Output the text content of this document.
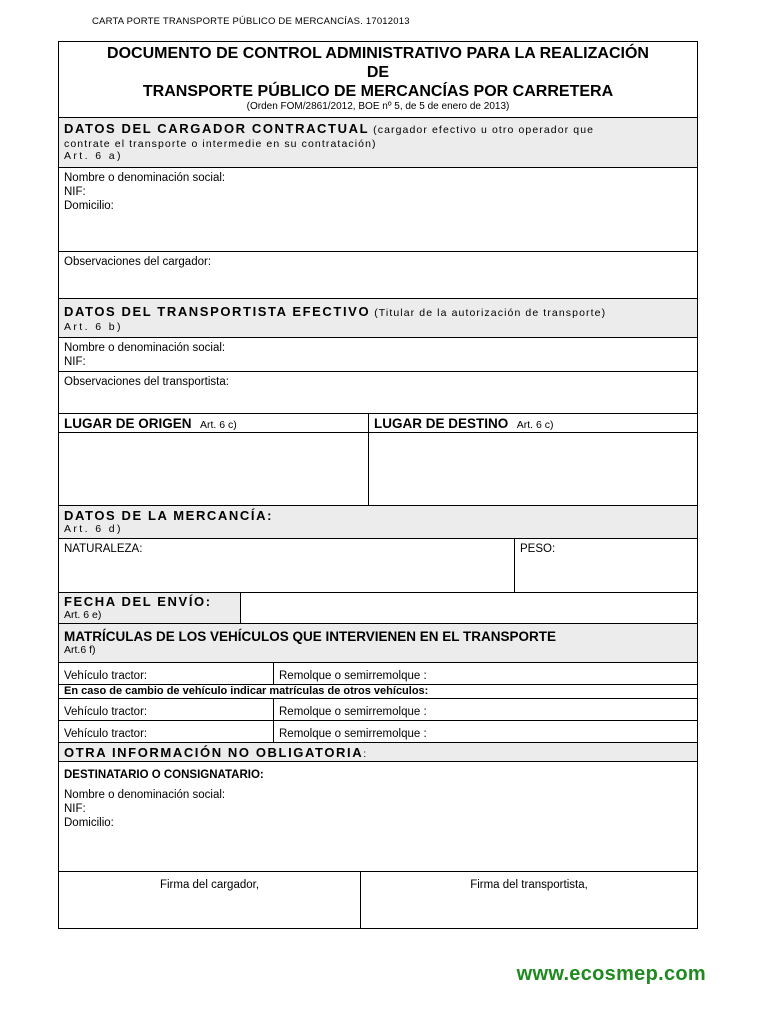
CARTA PORTE TRANSPORTE PÚBLICO DE MERCANCÍAS. 17012013
DOCUMENTO DE CONTROL ADMINISTRATIVO PARA LA REALIZACIÓN
DE
TRANSPORTE PÚBLICO DE MERCANCÍAS POR CARRETERA
(Orden FOM/2861/2012, BOE nº 5, de 5 de enero de 2013)
DATOS DEL CARGADOR CONTRACTUAL (cargador efectivo u otro operador que
contrate el transporte o intermedie en su contratación)
Art. 6 a)
Nombre o denominación social:
NIF:
Domicilio:
Observaciones del cargador:
DATOS DEL TRANSPORTISTA EFECTIVO (Titular de la autorización de transporte)
Art. 6 b)
Nombre o denominación social:
NIF:
Observaciones del transportista:
LUGAR DE ORIGEN Art. 6 c)	LUGAR DE DESTINO Art. 6 c)
DATOS DE LA MERCANCÍA:
Art. 6 d)
NATURALEZA:	PESO:
FECHA DEL ENVÍO:
Art. 6 e)
MATRÍCULAS DE LOS VEHÍCULOS QUE INTERVIENEN EN EL TRANSPORTE
Art.6 f)
Vehículo tractor:	Remolque o semirremolque :
En caso de cambio de vehículo indicar matrículas de otros vehículos:
Vehículo tractor:	Remolque o semirremolque :
Vehículo tractor:	Remolque o semirremolque :
OTRA INFORMACIÓN NO OBLIGATORIA:
DESTINATARIO O CONSIGNATARIO:
Nombre o denominación social:
NIF:
Domicilio:
Firma del cargador,	Firma del transportista,
www.ecosmep.com
